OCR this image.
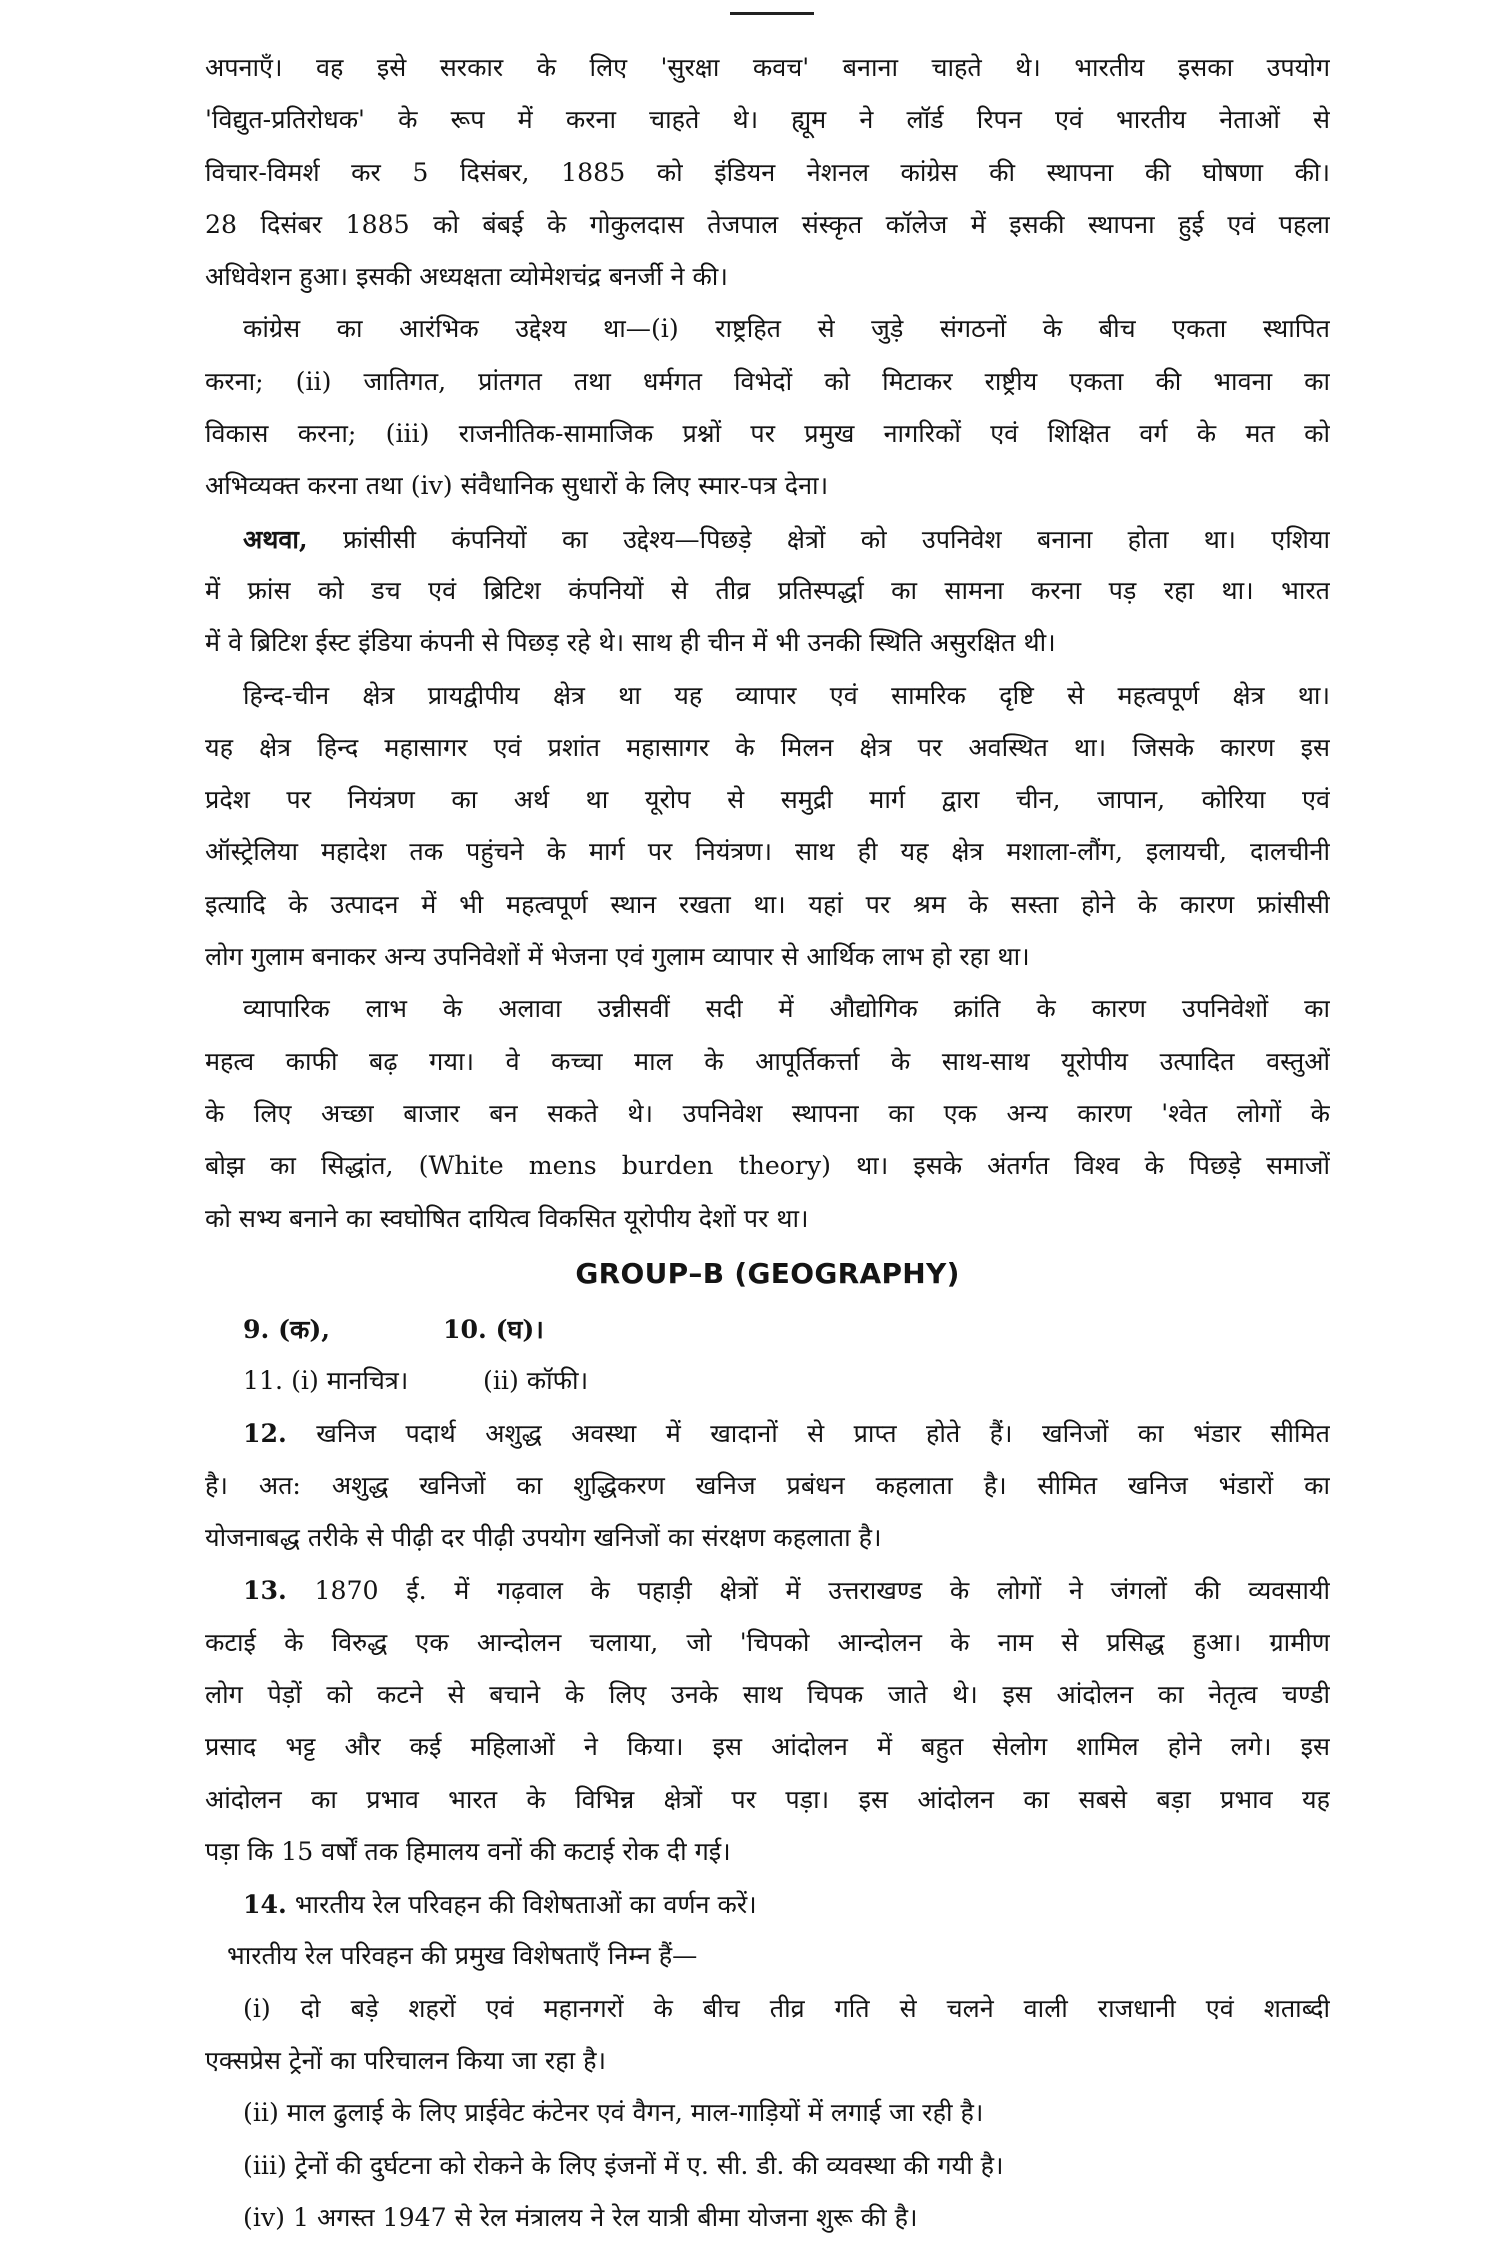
अपनाएँ। वह इसे सरकार के लिए 'सुरक्षा कवच' बनाना चाहते थे। भारतीय इसका उपयोग
'विद्युत-प्रतिरोधक' के रूप में करना चाहते थे। ह्यूम ने लॉर्ड रिपन एवं भारतीय नेताओं से
विचार-विमर्श कर 5 दिसंबर, 1885 को इंडियन नेशनल कांग्रेस की स्थापना की घोषणा की।
28 दिसंबर 1885 को बंबई के गोकुलदास तेजपाल संस्कृत कॉलेज में इसकी स्थापना हुई एवं पहला
अधिवेशन हुआ। इसकी अध्यक्षता व्योमेशचंद्र बनर्जी ने की।
कांग्रेस का आरंभिक उद्देश्य था—(i) राष्ट्रहित से जुड़े संगठनों के बीच एकता स्थापित
करना; (ii) जातिगत, प्रांतगत तथा धर्मगत विभेदों को मिटाकर राष्ट्रीय एकता की भावना का
विकास करना; (iii) राजनीतिक-सामाजिक प्रश्नों पर प्रमुख नागरिकों एवं शिक्षित वर्ग के मत को
अभिव्यक्त करना तथा (iv) संवैधानिक सुधारों के लिए स्मार-पत्र देना।
अथवा, फ्रांसीसी कंपनियों का उद्देश्य—पिछड़े क्षेत्रों को उपनिवेश बनाना होता था। एशिया
में फ्रांस को डच एवं ब्रिटिश कंपनियों से तीव्र प्रतिस्पर्द्धा का सामना करना पड़ रहा था। भारत
में वे ब्रिटिश ईस्ट इंडिया कंपनी से पिछड़ रहे थे। साथ ही चीन में भी उनकी स्थिति असुरक्षित थी।
हिन्द-चीन क्षेत्र प्रायद्वीपीय क्षेत्र था यह व्यापार एवं सामरिक दृष्टि से महत्वपूर्ण क्षेत्र था।
यह क्षेत्र हिन्द महासागर एवं प्रशांत महासागर के मिलन क्षेत्र पर अवस्थित था। जिसके कारण इस
प्रदेश पर नियंत्रण का अर्थ था यूरोप से समुद्री मार्ग द्वारा चीन, जापान, कोरिया एवं
ऑस्ट्रेलिया महादेश तक पहुंचने के मार्ग पर नियंत्रण। साथ ही यह क्षेत्र मशाला-लौंग, इलायची, दालचीनी
इत्यादि के उत्पादन में भी महत्वपूर्ण स्थान रखता था। यहां पर श्रम के सस्ता होने के कारण फ्रांसीसी
लोग गुलाम बनाकर अन्य उपनिवेशों में भेजना एवं गुलाम व्यापार से आर्थिक लाभ हो रहा था।
व्यापारिक लाभ के अलावा उन्नीसवीं सदी में औद्योगिक क्रांति के कारण उपनिवेशों का
महत्व काफी बढ़ गया। वे कच्चा माल के आपूर्तिकर्त्ता के साथ-साथ यूरोपीय उत्पादित वस्तुओं
के लिए अच्छा बाजार बन सकते थे। उपनिवेश स्थापना का एक अन्य कारण 'श्वेत लोगों के
बोझ का सिद्धांत, (White mens burden theory) था। इसके अंतर्गत विश्व के पिछड़े समाजों
को सभ्य बनाने का स्वघोषित दायित्व विकसित यूरोपीय देशों पर था।
GROUP–B (GEOGRAPHY)
9. (क),	10. (घ)।
11. (i) मानचित्र।	(ii) कॉफी।
12. खनिज पदार्थ अशुद्ध अवस्था में खादानों से प्राप्त होते हैं। खनिजों का भंडार सीमित
है। अत: अशुद्ध खनिजों का शुद्धिकरण खनिज प्रबंधन कहलाता है। सीमित खनिज भंडारों का
योजनाबद्ध तरीके से पीढ़ी दर पीढ़ी उपयोग खनिजों का संरक्षण कहलाता है।
13. 1870 ई. में गढ़वाल के पहाड़ी क्षेत्रों में उत्तराखण्ड के लोगों ने जंगलों की व्यवसायी
कटाई के विरुद्ध एक आन्दोलन चलाया, जो 'चिपको आन्दोलन के नाम से प्रसिद्ध हुआ। ग्रामीण
लोग पेड़ों को कटने से बचाने के लिए उनके साथ चिपक जाते थे। इस आंदोलन का नेतृत्व चण्डी
प्रसाद भट्ट और कई महिलाओं ने किया। इस आंदोलन में बहुत सेलोग शामिल होने लगे। इस
आंदोलन का प्रभाव भारत के विभिन्न क्षेत्रों पर पड़ा। इस आंदोलन का सबसे बड़ा प्रभाव यह
पड़ा कि 15 वर्षों तक हिमालय वनों की कटाई रोक दी गई।
14. भारतीय रेल परिवहन की विशेषताओं का वर्णन करें।
भारतीय रेल परिवहन की प्रमुख विशेषताएँ निम्न हैं—
(i) दो बड़े शहरों एवं महानगरों के बीच तीव्र गति से चलने वाली राजधानी एवं शताब्दी
एक्सप्रेस ट्रेनों का परिचालन किया जा रहा है।
(ii) माल ढुलाई के लिए प्राईवेट कंटेनर एवं वैगन, माल-गाड़ियों में लगाई जा रही है।
(iii) ट्रेनों की दुर्घटना को रोकने के लिए इंजनों में ए. सी. डी. की व्यवस्था की गयी है।
(iv) 1 अगस्त 1947 से रेल मंत्रालय ने रेल यात्री बीमा योजना शुरू की है।
